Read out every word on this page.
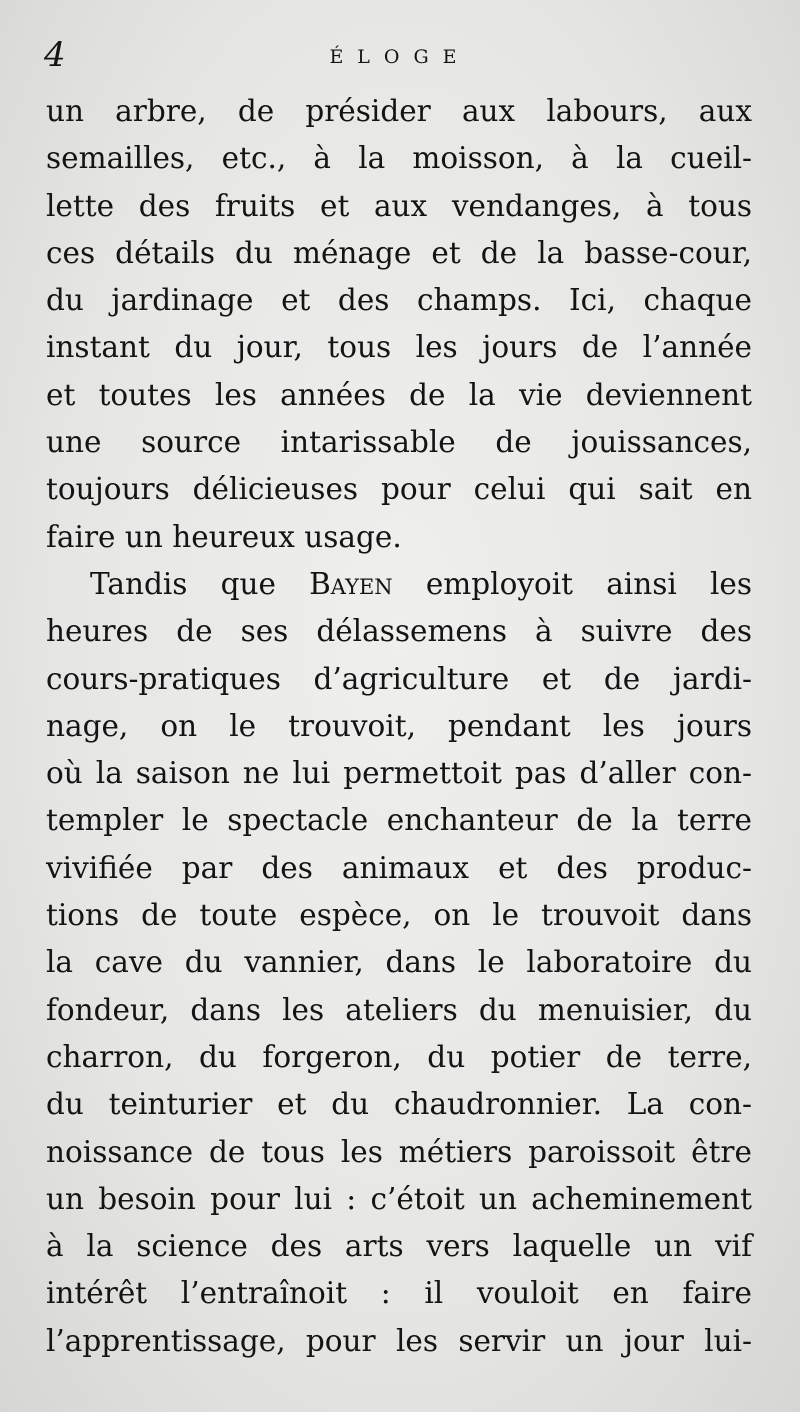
4	ÉLOGE
un arbre, de présider aux labours, aux
semailles, etc., à la moisson, à la cueil-
lette des fruits et aux vendanges, à tous
ces détails du ménage et de la basse-cour,
du jardinage et des champs. Ici, chaque
instant du jour, tous les jours de l’année
et toutes les années de la vie deviennent
une source intarissable de jouissances,
toujours délicieuses pour celui qui sait en
faire un heureux usage.
Tandis que Bayen employoit ainsi les
heures de ses délassemens à suivre des
cours-pratiques d’agriculture et de jardi-
nage, on le trouvoit, pendant les jours
où la saison ne lui permettoit pas d’aller con-
templer le spectacle enchanteur de la terre
vivifiée par des animaux et des produc-
tions de toute espèce, on le trouvoit dans
la cave du vannier, dans le laboratoire du
fondeur, dans les ateliers du menuisier, du
charron, du forgeron, du potier de terre,
du teinturier et du chaudronnier. La con-
noissance de tous les métiers paroissoit être
un besoin pour lui : c’étoit un acheminement
à la science des arts vers laquelle un vif
intérêt l’entraînoit : il vouloit en faire
l’apprentissage, pour les servir un jour lui-
